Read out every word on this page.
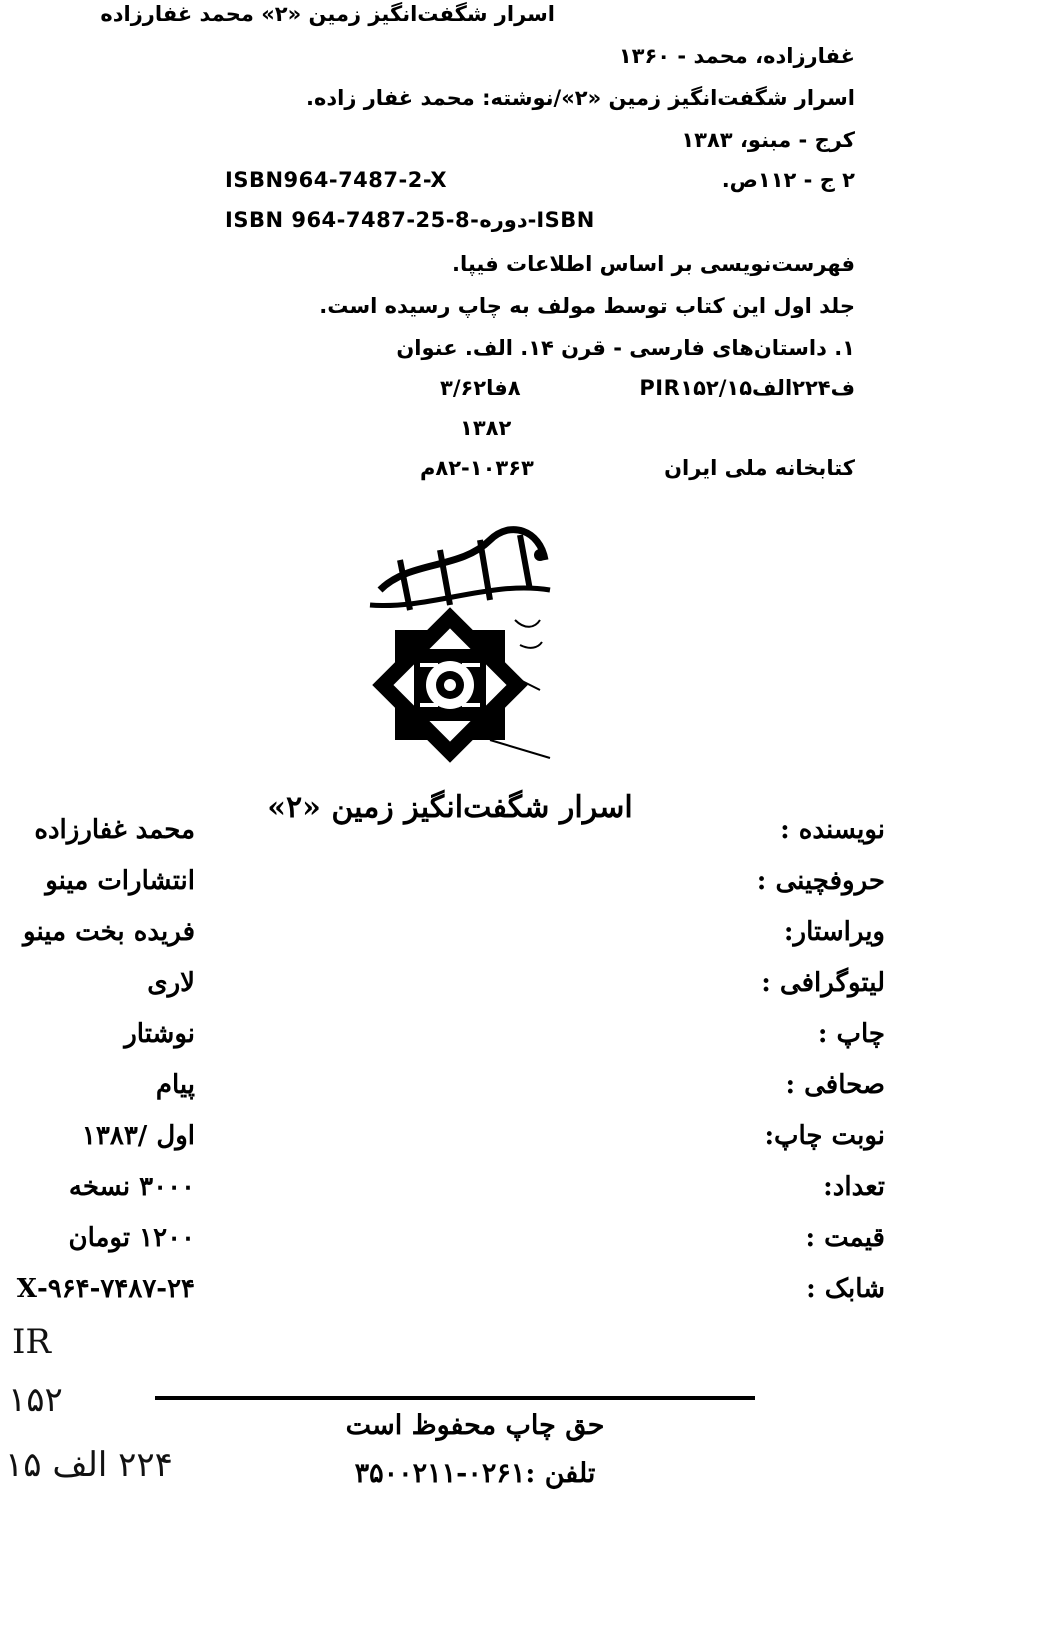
اسرار شگفت‌انگیز زمین «۲» محمد غفارزاده
غفارزاده، محمد - ۱۳۶۰
اسرار شگفت‌انگیز زمین «۲»/نوشته: محمد غفار زاده.
کرج - مبنو، ۱۳۸۳
۲ ج - ۱۱۲ص.
ISBN964-7487-2-X
ISBN 964-7487-25-8-دوره-ISBN
فهرست‌نویسی بر اساس اطلاعات فیپا.
جلد اول این کتاب توسط مولف به چاپ رسیده است.
۱. داستان‌های فارسی - قرن ۱۴. الف. عنوان
PIR۱۵۲/ف۲۲۴الف۱۵
۸فا۳/۶۲
۱۳۸۲
کتابخانه ملی ایران
۸۲-۱۰۳۶۳م
اسرار شگفت‌انگیز زمین «۲»
نویسنده :
محمد غفارزاده
حروفچینی :
انتشارات مینو
ویراستار:
فریده بخت مینو
لیتوگرافی :
لاری
چاپ :
نوشتار
صحافی :
پیام
نوبت چاپ:
اول /۱۳۸۳
تعداد:
۳۰۰۰ نسخه
قیمت :
۱۲۰۰ تومان
شابک :
۹۶۴-۷۴۸۷-۲۴-X
حق چاپ محفوظ است
تلفن :۰۲۶۱-۳۵۰۰۲۱۱
IR
۱۵۲
۲۲۴ الف ۱۵
